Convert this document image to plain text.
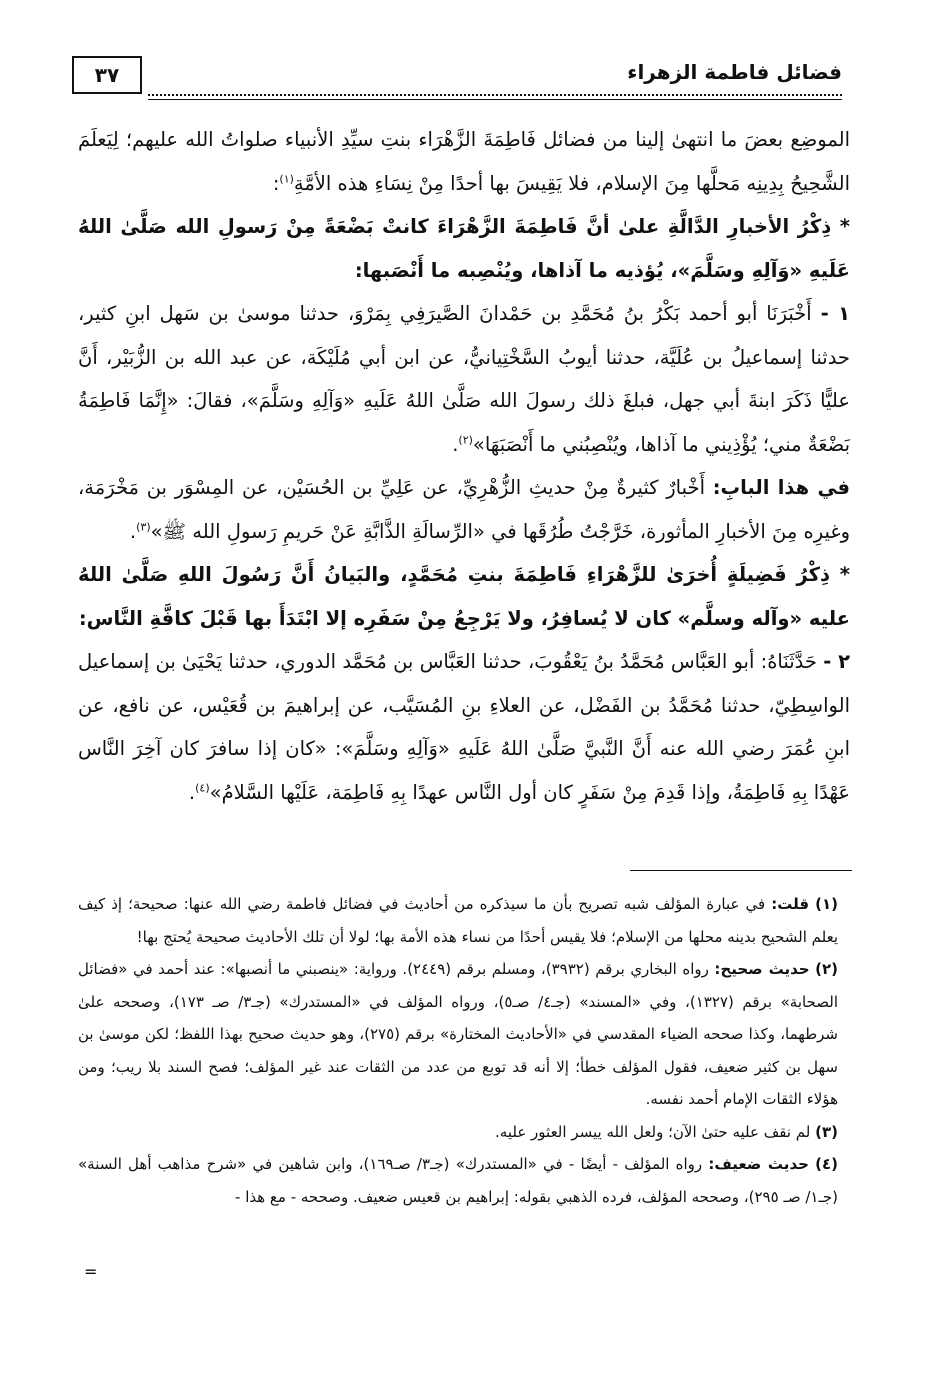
فضائل فاطمة الزهراء
٣٧

الموضِع بعضَ ما انتهىٰ إلينا من فضائل فَاطِمَةَ الزَّهْرَاء بنتِ سيِّدِ الأنبياء صلواتُ الله عليهم؛ لِيَعلَمَ الشَّحِيحُ بِدِينِه مَحلَّها مِنَ الإسلام، فلا يَقِيسَ بها أحدًا مِنْ نِسَاءِ هذه الأمَّةِ$^{(١)}$:

* ذِكْرُ الأخبارِ الدَّالَّةِ علىٰ أنَّ فَاطِمَةَ الزَّهْرَاءَ كانتْ بَضْعَةً مِنْ رَسولِ الله صَلَّىٰ اللهُ عَلَيهِ «وَآلِهِ وسَلَّمَ»، يُؤذيه ما آذاها، ويُنْصِبه ما أَنْصَبها:

١ - أَخْبَرَنَا أبو أحمد بَكْرُ بنُ مُحَمَّدِ بن حَمْدانَ الصَّيرَفِي بِمَرْوَ، حدثنا موسىٰ بن سَهل ابنِ كثير، حدثنا إسماعيلُ بن عُلَيَّة، حدثنا أيوبُ السَّخْتِيانيُّ، عن ابن أبي مُلَيْكَة، عن عبد الله بن الزُّبَيْر، أَنَّ عليًّا ذَكَرَ ابنةَ أبي جهل، فبلغَ ذلك رسولَ الله صَلَّىٰ اللهُ عَلَيهِ «وَآلِهِ وسَلَّمَ»، فقالَ: «إِنَّمَا فَاطِمَةُ بَضْعَةٌ مني؛ يُؤْذِيني ما آذاها، ويُنْصِبُني ما أَنْصَبَهَا»$^{(٢)}$.

في هذا البابِ: أَخْبارٌ كثيرةٌ مِنْ حديثِ الزُّهْرِيِّ، عن عَلِيِّ بن الحُسَيْن، عن المِسْوَر بن مَخْرَمَة، وغيرِه مِنَ الأخبارِ المأثورة، خَرَّجْتُ طُرُقَها في «الرِّسالَةِ الذَّابَّةِ عَنْ حَريمِ رَسولِ الله ﷺ»$^{(٣)}$.

* ذِكْرُ فَضِيلَةٍ أُخرَىٰ للزَّهْرَاءِ فَاطِمَةَ بنتِ مُحَمَّدٍ، والبَيانُ أَنَّ رَسُولَ اللهِ صَلَّىٰ اللهُ عليه «وآله وسلَّم» كان لا يُسافِرُ، ولا يَرْجِعُ مِنْ سَفَرِه إلا ابْتَدَأَ بها قَبْلَ كافَّةِ النَّاس:

٢ - حَدَّثَنَاهُ: أبو العَبَّاس مُحَمَّدُ بنُ يَعْقُوبَ، حدثنا العَبَّاس بن مُحَمَّد الدوري، حدثنا يَحْيَىٰ بن إسماعيل الواسِطِيّ، حدثنا مُحَمَّدُ بن الفَضْل، عن العلاءِ بنِ المُسَيَّب، عن إبراهيمَ بن قُعَيْس، عن نافع، عن ابنِ عُمَرَ رضي الله عنه أَنَّ النَّبيَّ صَلَّىٰ اللهُ عَلَيهِ «وَآلِهِ وسَلَّمَ»: «كان إذا سافرَ كان آخِرَ النَّاس عَهْدًا بِهِ فَاطِمَةُ، وإذا قَدِمَ مِنْ سَفَرٍ كان أول النَّاس عهدًا بِهِ فَاطِمَة، عَلَيْها السَّلامُ»$^{(٤)}$.

(١) قلت: في عبارة المؤلف شبه تصريح بأن ما سيذكره من أحاديث في فضائل فاطمة رضي الله عنها: صحيحة؛ إذ كيف يعلم الشحيح بدينه محلها من الإسلام؛ فلا يقيس أحدًا من نساء هذه الأمة بها؛ لولا أن تلك الأحاديث صحيحة يُحتج بها!

(٢) حديث صحيح: رواه البخاري برقم (٣٩٣٢)، ومسلم برقم (٢٤٤٩). ورواية: «ينصبني ما أنصبها»: عند أحمد في «فضائل الصحابة» برقم (١٣٢٧)، وفي «المسند» (جـ٤/ صـ٥)، ورواه المؤلف في «المستدرك» (جـ٣/ صـ ١٧٣)، وصححه علىٰ شرطهما، وكذا صححه الضياء المقدسي في «الأحاديث المختارة» برقم (٢٧٥)، وهو حديث صحيح بهذا اللفظ؛ لكن موسىٰ بن سهل بن كثير ضعيف، فقول المؤلف خطأ؛ إلا أنه قد توبع من عدد من الثقات عند غير المؤلف؛ فصح السند بلا ريب؛ ومن هؤلاء الثقات الإمام أحمد نفسه.

(٣) لم نقف عليه حتىٰ الآن؛ ولعل الله ييسر العثور عليه.

(٤) حديث ضعيف: رواه المؤلف - أيضًا - في «المستدرك» (جـ٣/ صـ١٦٩)، وابن شاهين في «شرح مذاهب أهل السنة» (جـ١/ صـ ٢٩٥)، وصححه المؤلف، فرده الذهبي بقوله: إبراهيم بن قعيس ضعيف. وصححه - مع هذا -

=
